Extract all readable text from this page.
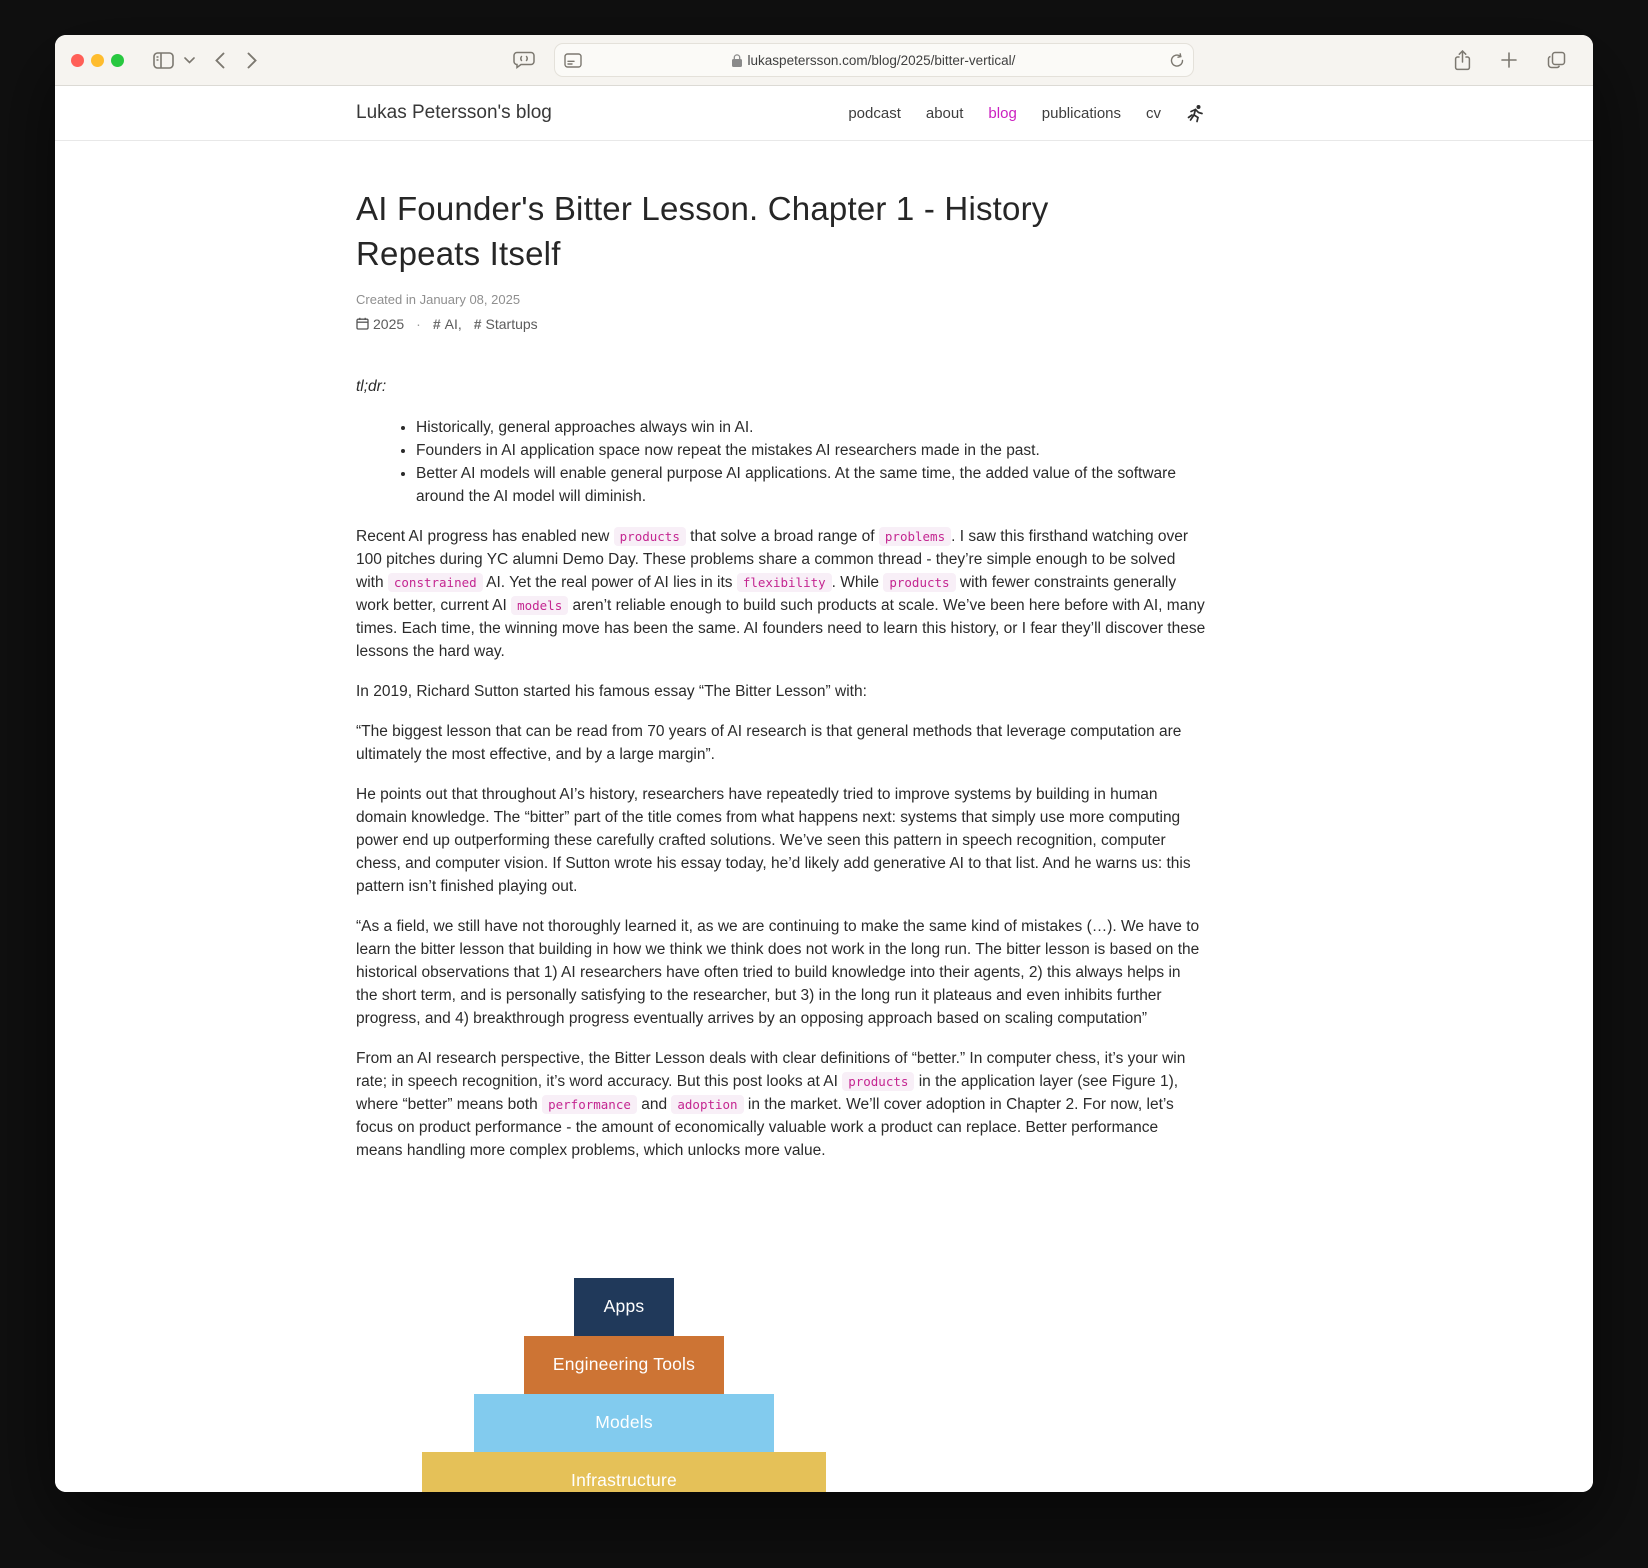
lukaspetersson.com/blog/2025/bitter-vertical/
Lukas Petersson's blog	podcast about blog publications cv
AI Founder's Bitter Lesson. Chapter 1 - History Repeats Itself
Created in January 08, 2025
2025 · # AI, # Startups

tl;dr:

• Historically, general approaches always win in AI.
• Founders in AI application space now repeat the mistakes AI researchers made in the past.
• Better AI models will enable general purpose AI applications. At the same time, the added value of the software around the AI model will diminish.

Recent AI progress has enabled new products that solve a broad range of problems . I saw this firsthand watching over 100 pitches during YC alumni Demo Day. These problems share a common thread - they’re simple enough to be solved with constrained AI. Yet the real power of AI lies in its flexibility . While products with fewer constraints generally work better, current AI models aren’t reliable enough to build such products at scale. We’ve been here before with AI, many times. Each time, the winning move has been the same. AI founders need to learn this history, or I fear they’ll discover these lessons the hard way.

In 2019, Richard Sutton started his famous essay “The Bitter Lesson” with:

“The biggest lesson that can be read from 70 years of AI research is that general methods that leverage computation are ultimately the most effective, and by a large margin”.

He points out that throughout AI’s history, researchers have repeatedly tried to improve systems by building in human domain knowledge. The “bitter” part of the title comes from what happens next: systems that simply use more computing power end up outperforming these carefully crafted solutions. We’ve seen this pattern in speech recognition, computer chess, and computer vision. If Sutton wrote his essay today, he’d likely add generative AI to that list. And he warns us: this pattern isn’t finished playing out.

“As a field, we still have not thoroughly learned it, as we are continuing to make the same kind of mistakes (…). We have to learn the bitter lesson that building in how we think we think does not work in the long run. The bitter lesson is based on the historical observations that 1) AI researchers have often tried to build knowledge into their agents, 2) this always helps in the short term, and is personally satisfying to the researcher, but 3) in the long run it plateaus and even inhibits further progress, and 4) breakthrough progress eventually arrives by an opposing approach based on scaling computation”

From an AI research perspective, the Bitter Lesson deals with clear definitions of “better.” In computer chess, it’s your win rate; in speech recognition, it’s word accuracy. But this post looks at AI products in the application layer (see Figure 1), where “better” means both performance and adoption in the market. We’ll cover adoption in Chapter 2. For now, let’s focus on product performance - the amount of economically valuable work a product can replace. Better performance means handling more complex problems, which unlocks more value.

Apps
Engineering Tools
Models
Infrastructure
